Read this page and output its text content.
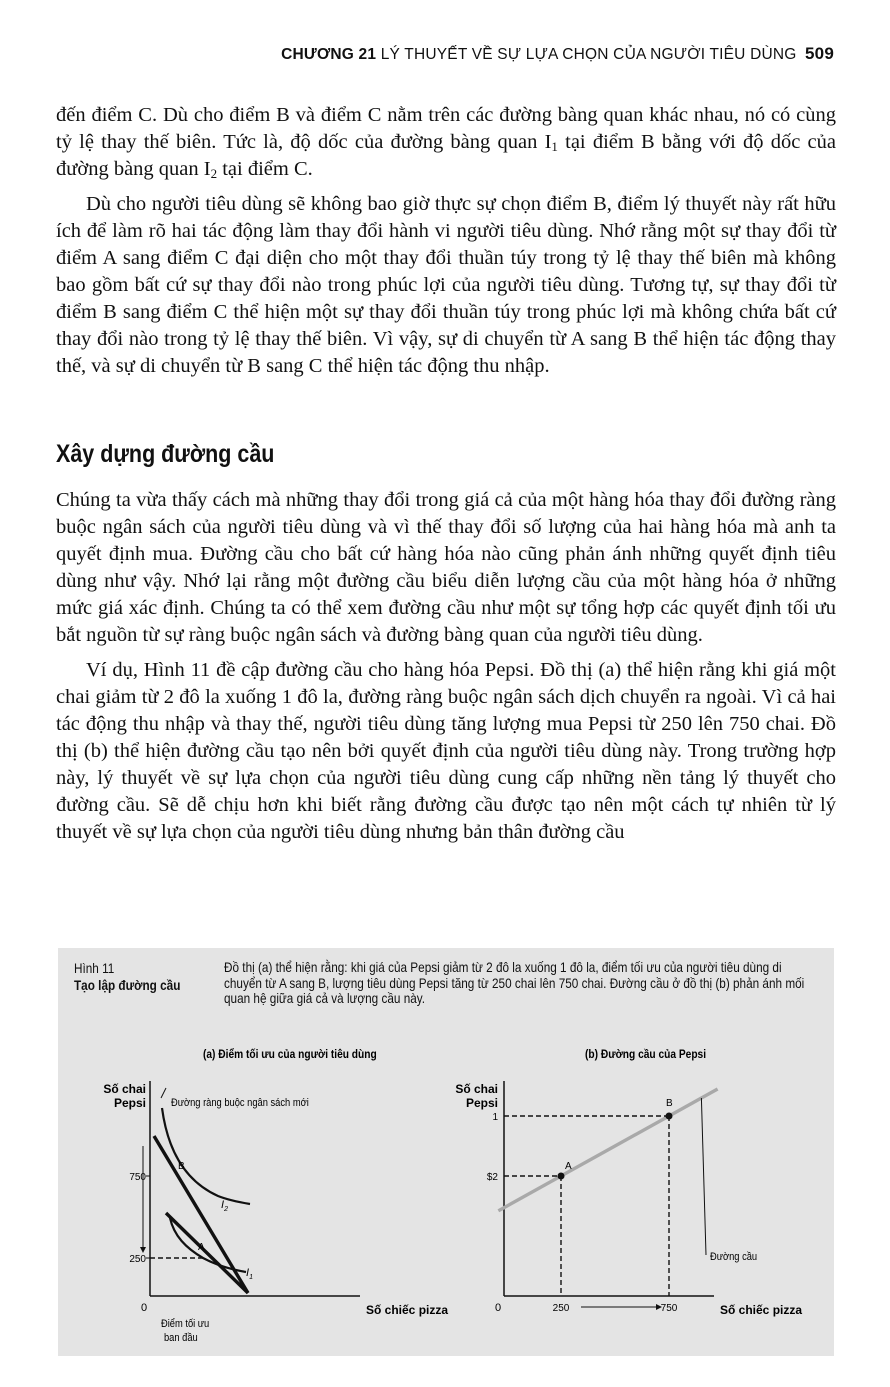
CHƯƠNG 21 LÝ THUYẾT VỀ SỰ LỰA CHỌN CỦA NGƯỜI TIÊU DÙNG 509

đến điểm C. Dù cho điểm B và điểm C nằm trên các đường bàng quan khác nhau, nó có cùng tỷ lệ thay thế biên. Tức là, độ dốc của đường bàng quan $I_1$ tại điểm B bằng với độ dốc của đường bàng quan $I_2$ tại điểm C.

Dù cho người tiêu dùng sẽ không bao giờ thực sự chọn điểm B, điểm lý thuyết này rất hữu ích để làm rõ hai tác động làm thay đổi hành vi người tiêu dùng. Nhớ rằng một sự thay đổi từ điểm A sang điểm C đại diện cho một thay đổi thuần túy trong tỷ lệ thay thế biên mà không bao gồm bất cứ sự thay đổi nào trong phúc lợi của người tiêu dùng. Tương tự, sự thay đổi từ điểm B sang điểm C thể hiện một sự thay đổi thuần túy trong phúc lợi mà không chứa bất cứ thay đổi nào trong tỷ lệ thay thế biên. Vì vậy, sự di chuyển từ A sang B thể hiện tác động thay thế, và sự di chuyển từ B sang C thể hiện tác động thu nhập.

Xây dựng đường cầu

Chúng ta vừa thấy cách mà những thay đổi trong giá cả của một hàng hóa thay đổi đường ràng buộc ngân sách của người tiêu dùng và vì thế thay đổi số lượng của hai hàng hóa mà anh ta quyết định mua. Đường cầu cho bất cứ hàng hóa nào cũng phản ánh những quyết định tiêu dùng như vậy. Nhớ lại rằng một đường cầu biểu diễn lượng cầu của một hàng hóa ở những mức giá xác định. Chúng ta có thể xem đường cầu như một sự tổng hợp các quyết định tối ưu bắt nguồn từ sự ràng buộc ngân sách và đường bàng quan của người tiêu dùng.

Ví dụ, Hình 11 đề cập đường cầu cho hàng hóa Pepsi. Đồ thị (a) thể hiện rằng khi giá một chai giảm từ 2 đô la xuống 1 đô la, đường ràng buộc ngân sách dịch chuyển ra ngoài. Vì cả hai tác động thu nhập và thay thế, người tiêu dùng tăng lượng mua Pepsi từ 250 lên 750 chai. Đồ thị (b) thể hiện đường cầu tạo nên bởi quyết định của người tiêu dùng này. Trong trường hợp này, lý thuyết về sự lựa chọn của người tiêu dùng cung cấp những nền tảng lý thuyết cho đường cầu. Sẽ dễ chịu hơn khi biết rằng đường cầu được tạo nên một cách tự nhiên từ lý thuyết về sự lựa chọn của người tiêu dùng nhưng bản thân đường cầu

Hình 11
Tạo lập đường cầu
Đồ thị (a) thể hiện rằng: khi giá của Pepsi giảm từ 2 đô la xuống 1 đô la, điểm tối ưu của người tiêu dùng di chuyển từ A sang B, lượng tiêu dùng Pepsi tăng từ 250 chai lên 750 chai. Đường cầu ở đồ thị (b) phản ánh mối quan hệ giữa giá cả và lượng cầu này.
(a) Điểm tối ưu của người tiêu dùng
Số chai
Pepsi
0	Số chiếc pizza
750
250
Đường ràng buộc ngân sách mới
B
A
$I_2$
$I_1$
Điểm tối ưu
ban đầu
(b) Đường cầu của Pepsi
Số chai
Pepsi
0	Số chiếc pizza
$2
1
250	750
A
B
Đường cầu
